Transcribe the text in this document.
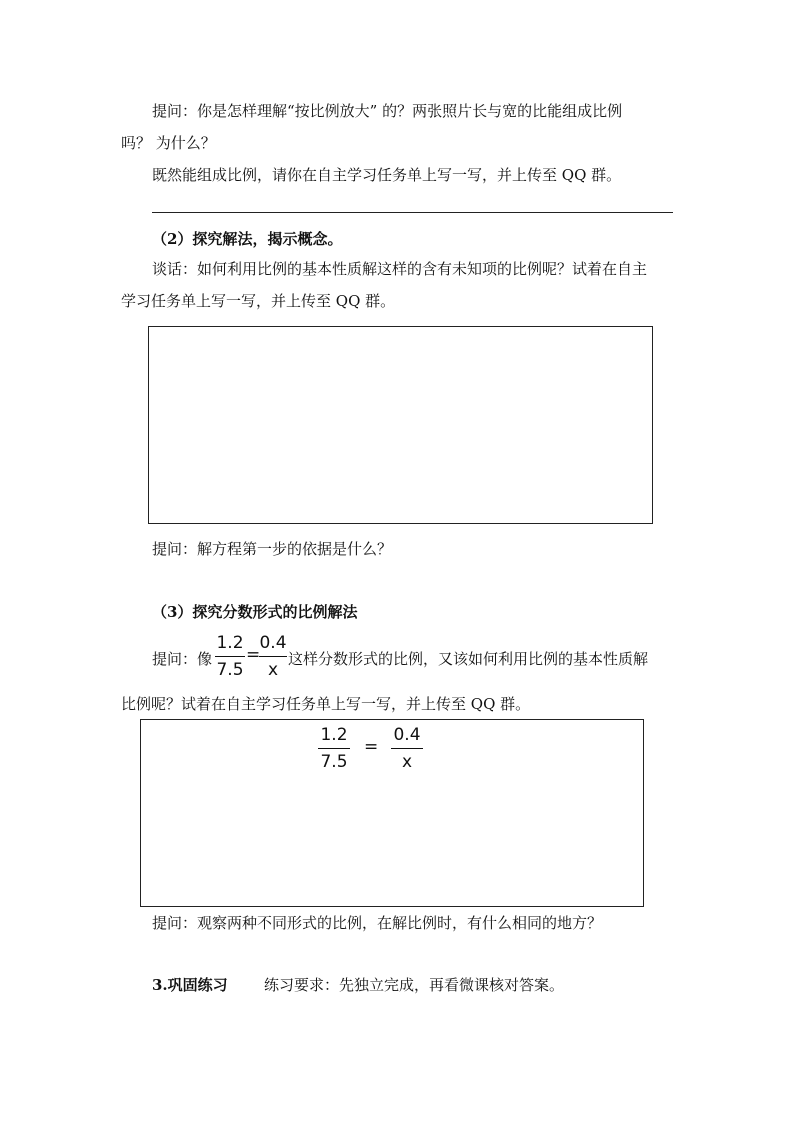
提问：你是怎样理解“按比例放大” 的？两张照片长与宽的比能组成比例
吗？ 为什么？
既然能组成比例，请你在自主学习任务单上写一写，并上传至 QQ 群。
（2）探究解法，揭示概念。
谈话：如何利用比例的基本性质解这样的含有未知项的比例呢？试着在自主
学习任务单上写一写，并上传至 QQ 群。
提问：解方程第一步的依据是什么？
（3）探究分数形式的比例解法
提问：像
1.2
7.5
=
0.4
x
这样分数形式的比例，又该如何利用比例的基本性质解
比例呢？试着在自主学习任务单上写一写，并上传至 QQ 群。
1.2
7.5
=
0.4
x
提问：观察两种不同形式的比例，在解比例时，有什么相同的地方？
3.巩固练习 练习要求：先独立完成，再看微课核对答案。
